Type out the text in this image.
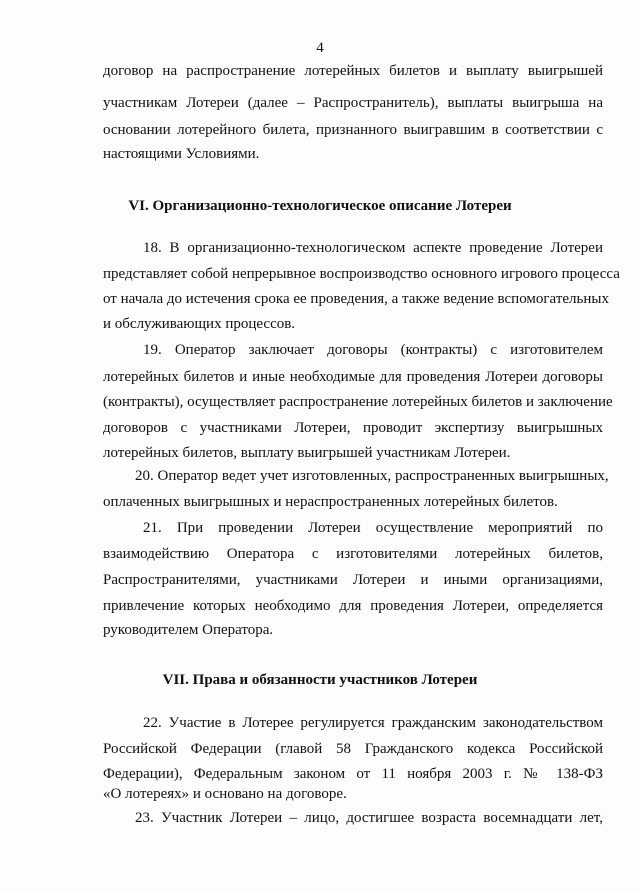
4
договор на распространение лотерейных билетов и выплату выигрышей
участникам Лотереи (далее – Распространитель), выплаты выигрыша на
основании лотерейного билета, признанного выигравшим в соответствии с
настоящими Условиями.
VI. Организационно-технологическое описание Лотереи
18. В организационно-технологическом аспекте проведение Лотереи
представляет собой непрерывное воспроизводство основного игрового процесса
от начала до истечения срока ее проведения, а также ведение вспомогательных
и обслуживающих процессов.
19. Оператор заключает договоры (контракты) с изготовителем
лотерейных билетов и иные необходимые для проведения Лотереи договоры
(контракты), осуществляет распространение лотерейных билетов и заключение
договоров с участниками Лотереи, проводит экспертизу выигрышных
лотерейных билетов, выплату выигрышей участникам Лотереи.
20. Оператор ведет учет изготовленных, распространенных выигрышных,
оплаченных выигрышных и нераспространенных лотерейных билетов.
21. При проведении Лотереи осуществление мероприятий по
взаимодействию Оператора с изготовителями лотерейных билетов,
Распространителями, участниками Лотереи и иными организациями,
привлечение которых необходимо для проведения Лотереи, определяется
руководителем Оператора.
VII. Права и обязанности участников Лотереи
22. Участие в Лотерее регулируется гражданским законодательством
Российской Федерации (главой 58 Гражданского кодекса Российской
Федерации), Федеральным законом от 11 ноября 2003 г. № 138-ФЗ
«О лотереях» и основано на договоре.
23. Участник Лотереи – лицо, достигшее возраста восемнадцати лет,
